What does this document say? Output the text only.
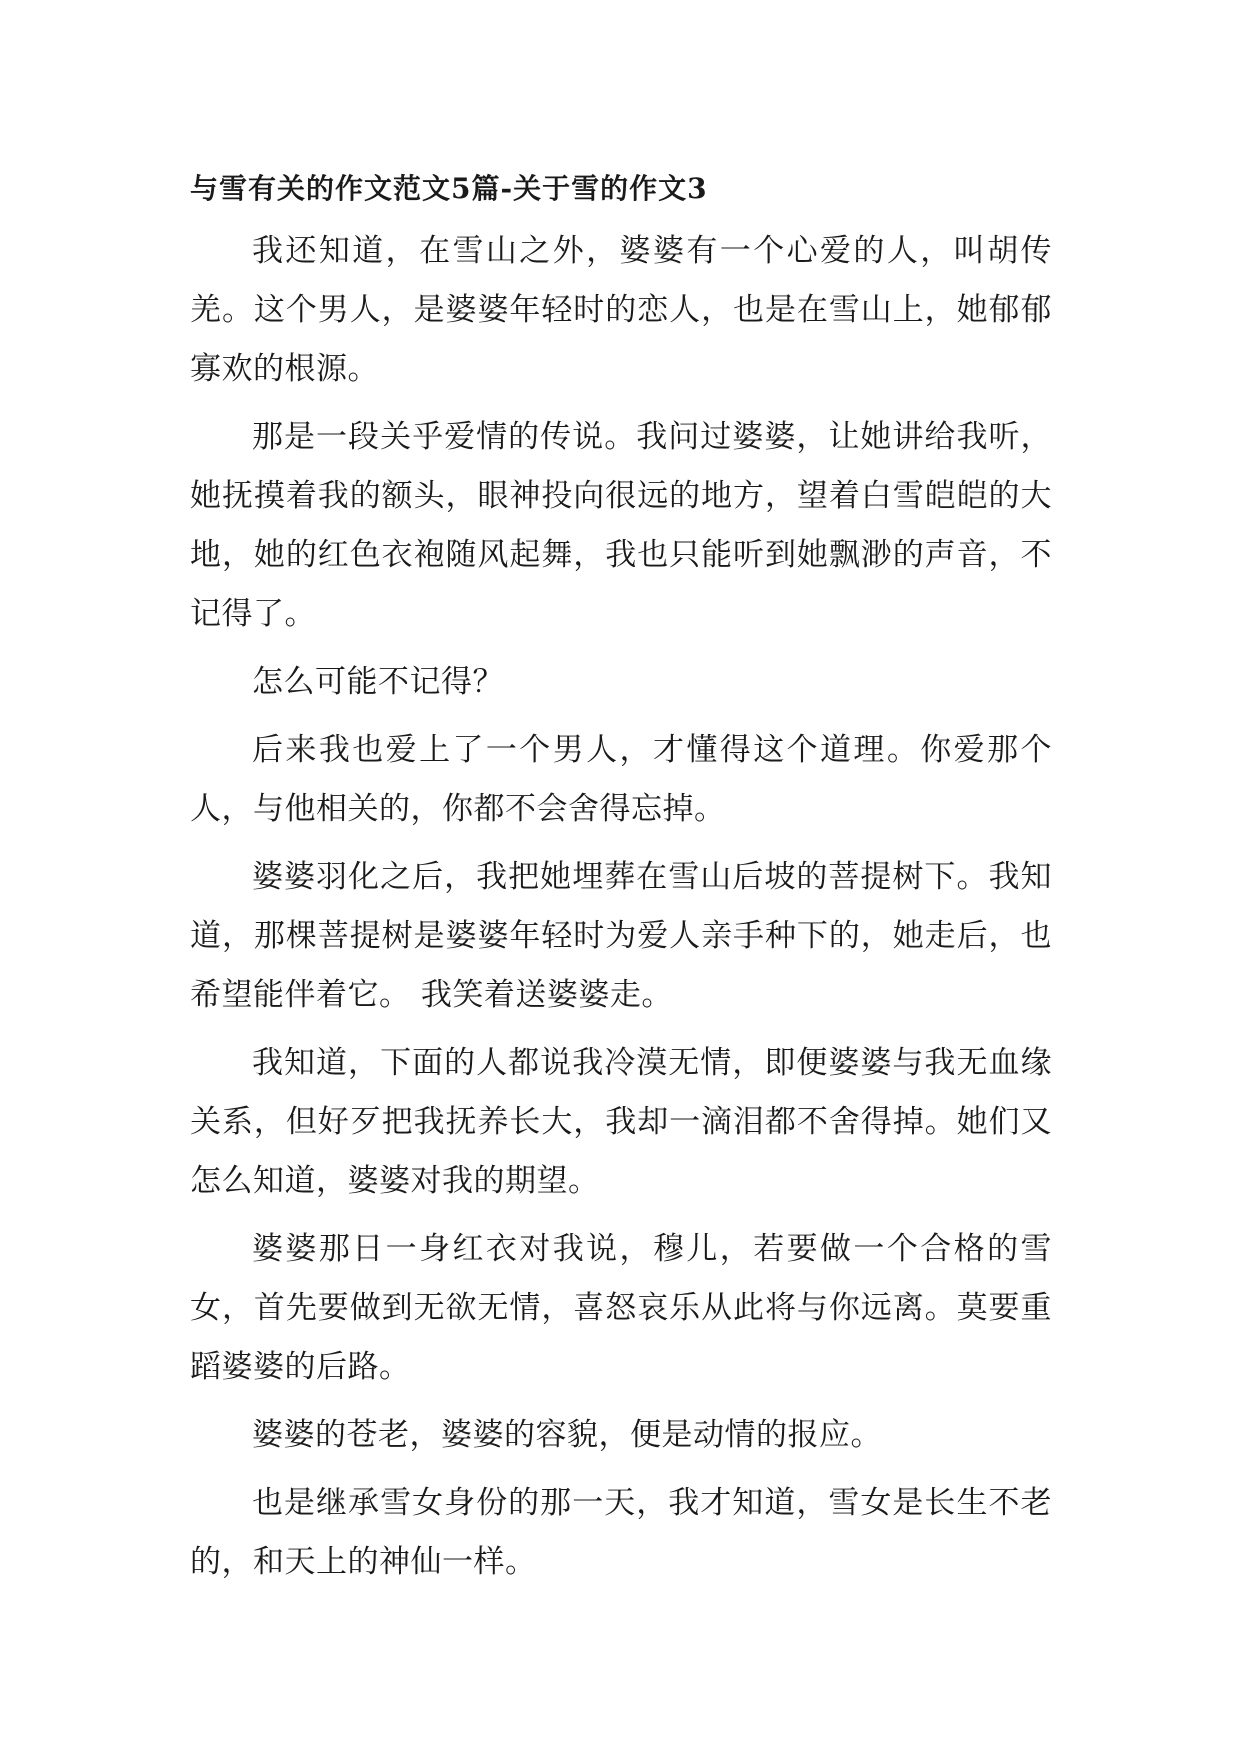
与雪有关的作文范文5篇-关于雪的作文3

我还知道，在雪山之外，婆婆有一个心爱的人，叫胡传羌。这个男人，是婆婆年轻时的恋人，也是在雪山上，她郁郁寡欢的根源。

那是一段关乎爱情的传说。我问过婆婆，让她讲给我听，她抚摸着我的额头，眼神投向很远的地方，望着白雪皑皑的大地，她的红色衣袍随风起舞，我也只能听到她飘渺的声音，不记得了。

怎么可能不记得？

后来我也爱上了一个男人，才懂得这个道理。你爱那个人，与他相关的，你都不会舍得忘掉。

婆婆羽化之后，我把她埋葬在雪山后坡的菩提树下。我知道，那棵菩提树是婆婆年轻时为爱人亲手种下的，她走后，也希望能伴着它。 我笑着送婆婆走。

我知道，下面的人都说我冷漠无情，即便婆婆与我无血缘关系，但好歹把我抚养长大，我却一滴泪都不舍得掉。她们又怎么知道，婆婆对我的期望。

婆婆那日一身红衣对我说，穆儿，若要做一个合格的雪女，首先要做到无欲无情，喜怒哀乐从此将与你远离。莫要重蹈婆婆的后路。

婆婆的苍老，婆婆的容貌，便是动情的报应。

也是继承雪女身份的那一天，我才知道，雪女是长生不老的，和天上的神仙一样。
